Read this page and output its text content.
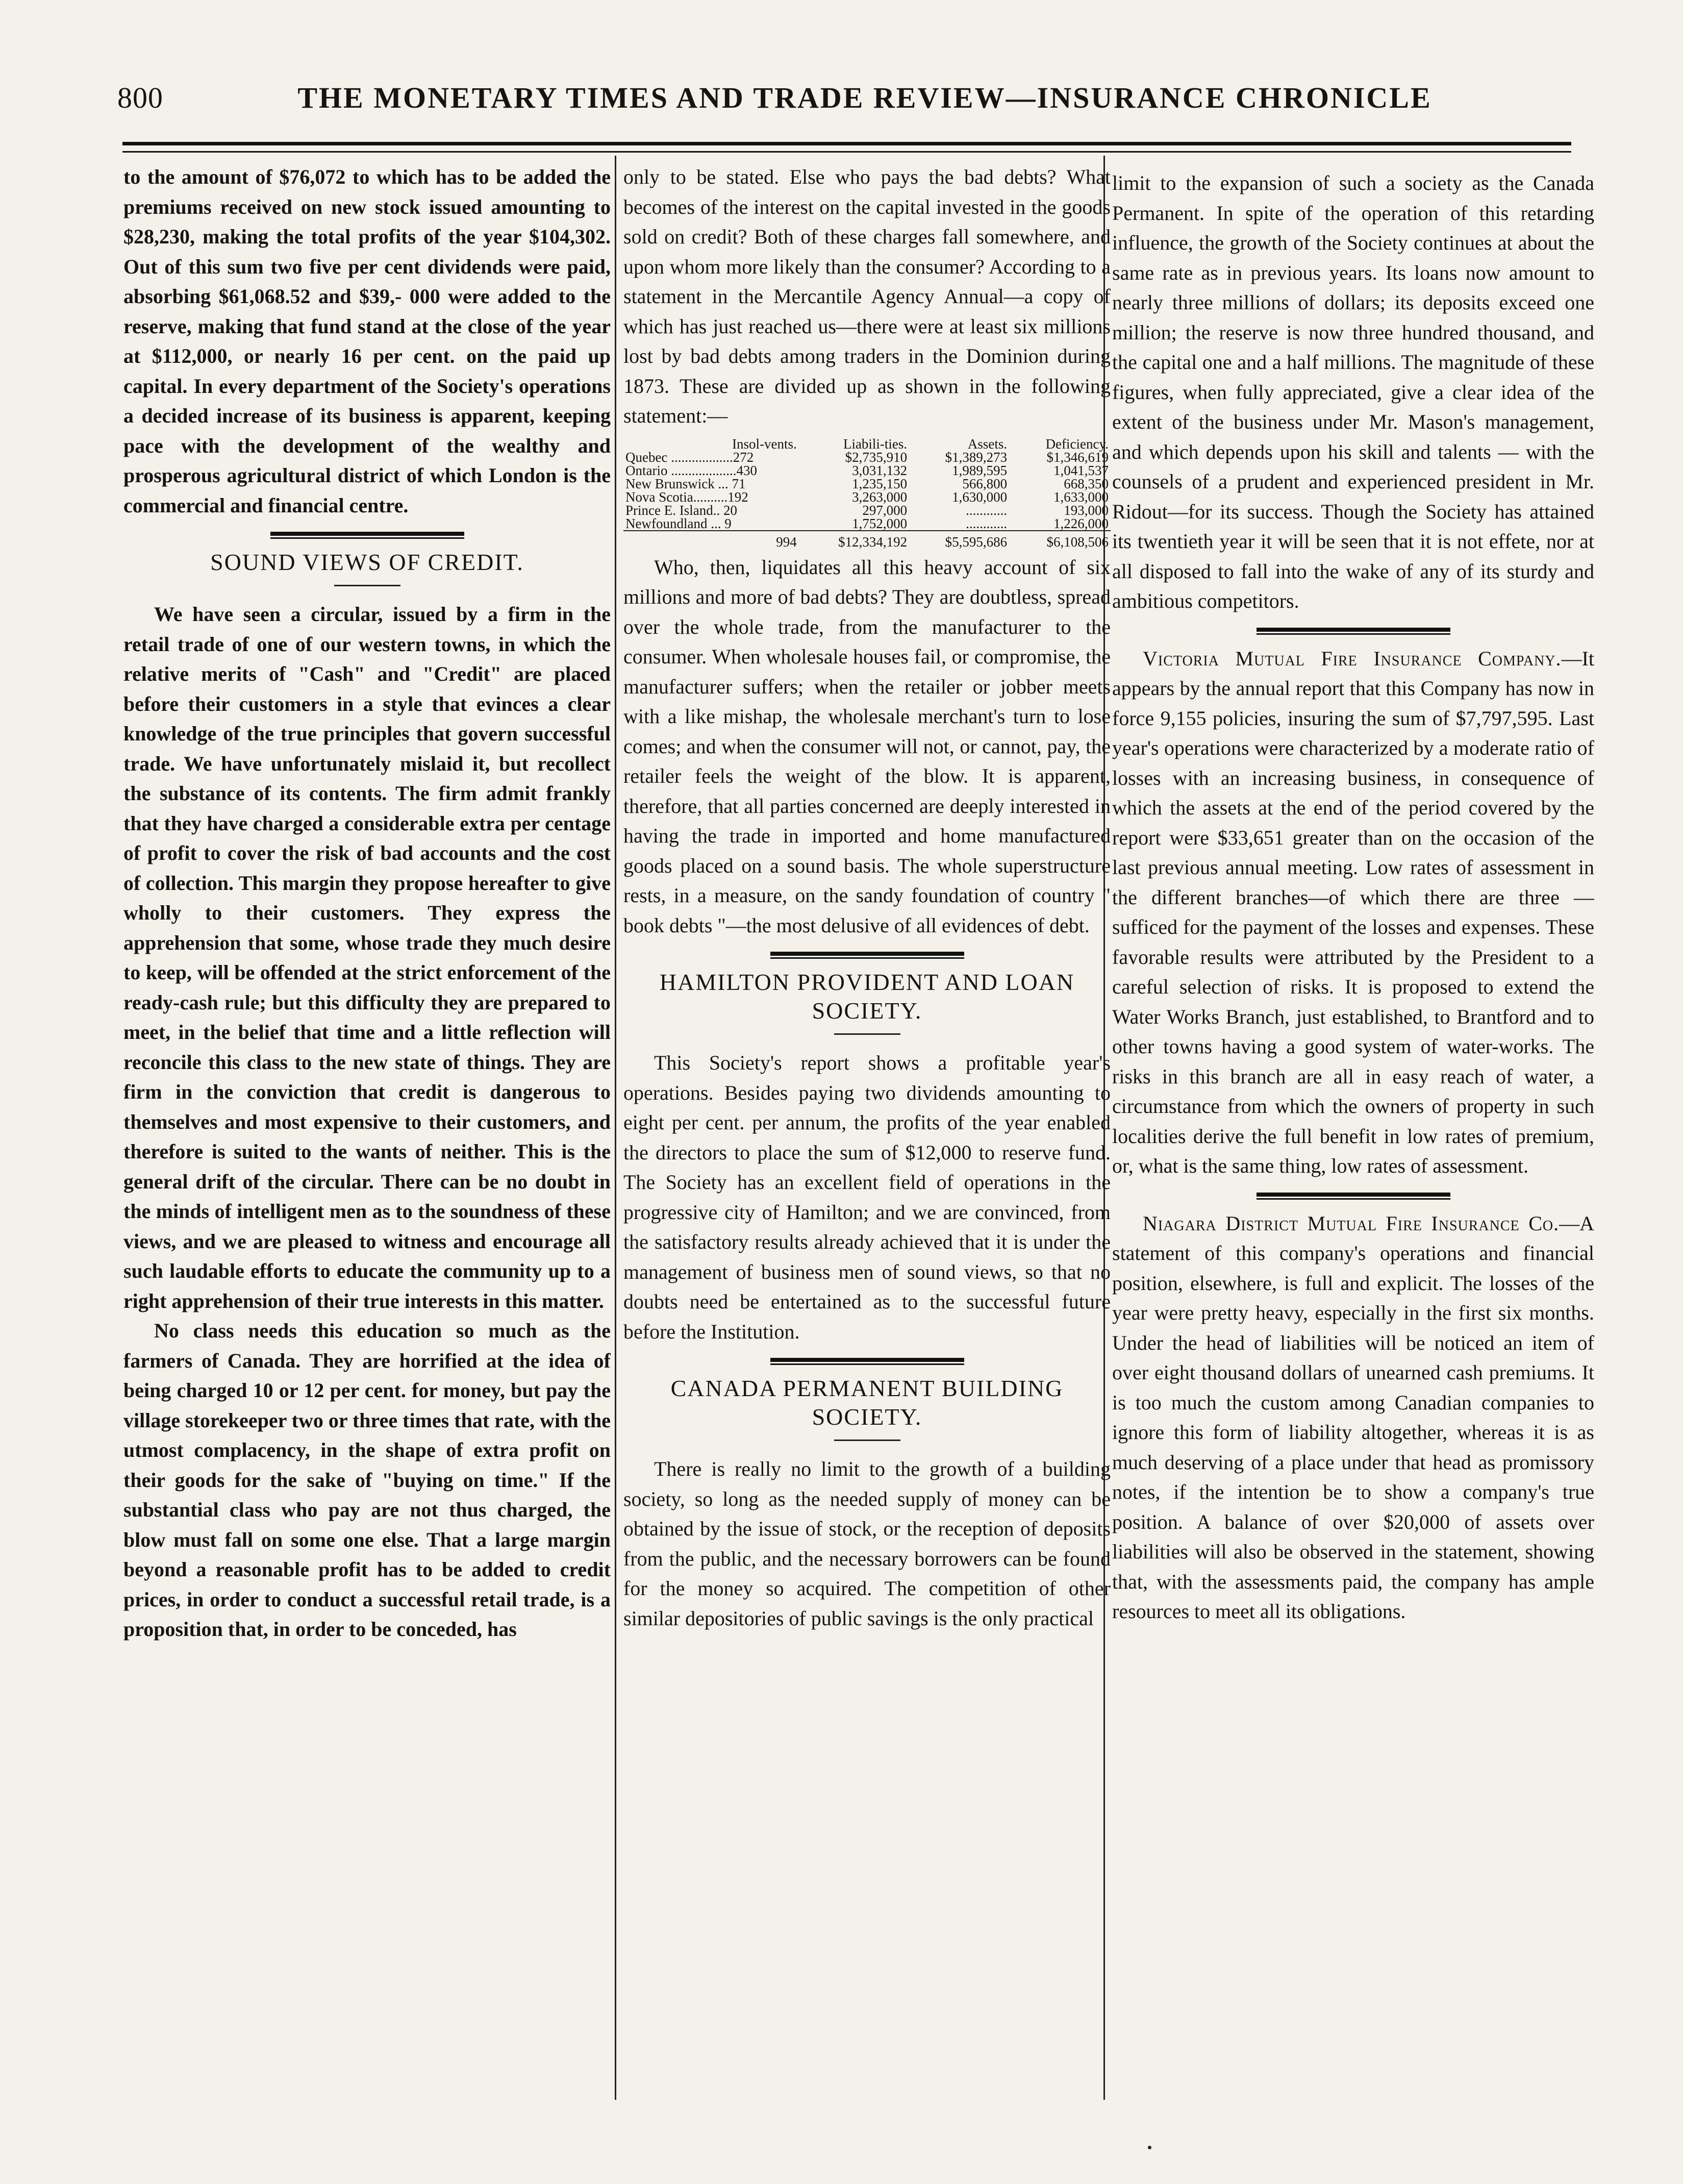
800	THE MONETARY TIMES AND TRADE REVIEW—INSURANCE CHRONICLE

to the amount of $76,072 to which has to be added the premiums received on new stock issued amounting to $28,230, making the total profits of the year $104,302. Out of this sum two five per cent dividends were paid, absorbing $61,068.52 and $39,- 000 were added to the reserve, making that fund stand at the close of the year at $112,000, or nearly 16 per cent. on the paid up capital. In every department of the Society's operations a decided increase of its business is apparent, keeping pace with the development of the wealthy and prosperous agricultural district of which London is the commercial and financial centre.

SOUND VIEWS OF CREDIT.

We have seen a circular, issued by a firm in the retail trade of one of our western towns, in which the relative merits of "Cash" and "Credit" are placed before their customers in a style that evinces a clear knowledge of the true principles that govern successful trade. We have unfortunately mislaid it, but recollect the substance of its contents. The firm admit frankly that they have charged a considerable extra per centage of profit to cover the risk of bad accounts and the cost of collection. This margin they propose hereafter to give wholly to their customers. They express the apprehension that some, whose trade they much desire to keep, will be offended at the strict enforcement of the ready-cash rule; but this difficulty they are prepared to meet, in the belief that time and a little reflection will reconcile this class to the new state of things. They are firm in the conviction that credit is dangerous to themselves and most expensive to their customers, and therefore is suited to the wants of neither. This is the general drift of the circular. There can be no doubt in the minds of intelligent men as to the soundness of these views, and we are pleased to witness and encourage all such laudable efforts to educate the community up to a right apprehension of their true interests in this matter.

No class needs this education so much as the farmers of Canada. They are horrified at the idea of being charged 10 or 12 per cent. for money, but pay the village storekeeper two or three times that rate, with the utmost complacency, in the shape of extra profit on their goods for the sake of "buying on time." If the substantial class who pay are not thus charged, the blow must fall on some one else. That a large margin beyond a reasonable profit has to be added to credit prices, in order to conduct a successful retail trade, is a proposition that, in order to be conceded, has

only to be stated. Else who pays the bad debts? What becomes of the interest on the capital invested in the goods sold on credit? Both of these charges fall somewhere, and upon whom more likely than the consumer? According to a statement in the Mercantile Agency Annual—a copy of which has just reached us—there were at least six millions lost by bad debts among traders in the Dominion during 1873. These are divided up as shown in the following statement:—

Insol-vents.	Liabili-ties.	Assets.	Deficiency.
Quebec ..................272	$2,735,910	$1,389,273	$1,346,619
Ontario ...................430	3,031,132	1,989,595	1,041,537
New Brunswick ... 71	1,235,150	566,800	668,350
Nova Scotia..........192	3,263,000	1,630,000	1,633,000
Prince E. Island.. 20	297,000	............	193,000
Newfoundland ... 9	1,752,000	............	1,226,000
994	$12,334,192	$5,595,686	$6,108,506

Who, then, liquidates all this heavy account of six millions and more of bad debts? They are doubtless, spread over the whole trade, from the manufacturer to the consumer. When wholesale houses fail, or compromise, the manufacturer suffers; when the retailer or jobber meets with a like mishap, the wholesale merchant's turn to lose comes; and when the consumer will not, or cannot, pay, the retailer feels the weight of the blow. It is apparent, therefore, that all parties concerned are deeply interested in having the trade in imported and home manufactured goods placed on a sound basis. The whole superstructure rests, in a measure, on the sandy foundation of country " book debts "—the most delusive of all evidences of debt.

HAMILTON PROVIDENT AND LOAN SOCIETY.

This Society's report shows a profitable year's operations. Besides paying two dividends amounting to eight per cent. per annum, the profits of the year enabled the directors to place the sum of $12,000 to reserve fund. The Society has an excellent field of operations in the progressive city of Hamilton; and we are convinced, from the satisfactory results already achieved that it is under the management of business men of sound views, so that no doubts need be entertained as to the successful future before the Institution.

CANADA PERMANENT BUILDING SOCIETY.

There is really no limit to the growth of a building society, so long as the needed supply of money can be obtained by the issue of stock, or the reception of deposits from the public, and the necessary borrowers can be found for the money so acquired. The competition of other similar depositories of public savings is the only practical

limit to the expansion of such a society as the Canada Permanent. In spite of the operation of this retarding influence, the growth of the Society continues at about the same rate as in previous years. Its loans now amount to nearly three millions of dollars; its deposits exceed one million; the reserve is now three hundred thousand, and the capital one and a half millions. The magnitude of these figures, when fully appreciated, give a clear idea of the extent of the business under Mr. Mason's management, and which depends upon his skill and talents — with the counsels of a prudent and experienced president in Mr. Ridout—for its success. Though the Society has attained its twentieth year it will be seen that it is not effete, nor at all disposed to fall into the wake of any of its sturdy and ambitious competitors.

Victoria Mutual Fire Insurance Company.—It appears by the annual report that this Company has now in force 9,155 policies, insuring the sum of $7,797,595. Last year's operations were characterized by a moderate ratio of losses with an increasing business, in consequence of which the assets at the end of the period covered by the report were $33,651 greater than on the occasion of the last previous annual meeting. Low rates of assessment in the different branches—of which there are three —sufficed for the payment of the losses and expenses. These favorable results were attributed by the President to a careful selection of risks. It is proposed to extend the Water Works Branch, just established, to Brantford and to other towns having a good system of water-works. The risks in this branch are all in easy reach of water, a circumstance from which the owners of property in such localities derive the full benefit in low rates of premium, or, what is the same thing, low rates of assessment.

Niagara District Mutual Fire Insurance Co.—A statement of this company's operations and financial position, elsewhere, is full and explicit. The losses of the year were pretty heavy, especially in the first six months. Under the head of liabilities will be noticed an item of over eight thousand dollars of unearned cash premiums. It is too much the custom among Canadian companies to ignore this form of liability altogether, whereas it is as much deserving of a place under that head as promissory notes, if the intention be to show a company's true position. A balance of over $20,000 of assets over liabilities will also be observed in the statement, showing that, with the assessments paid, the company has ample resources to meet all its obligations.
